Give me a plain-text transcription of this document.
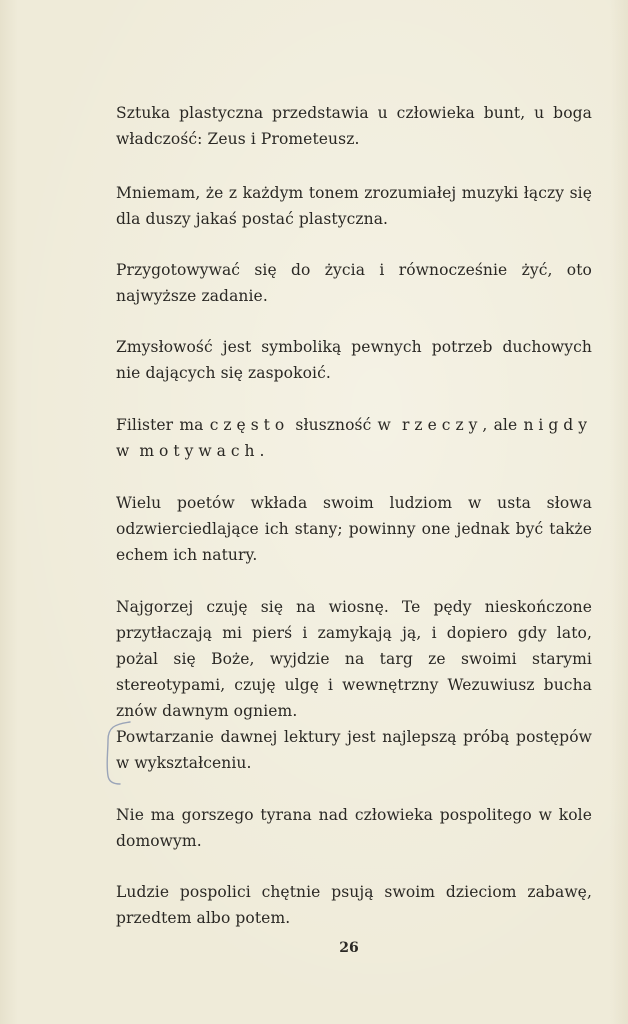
Sztuka plastyczna przedstawia u człowieka bunt, u boga władczość: Zeus i Prometeusz.

Mniemam, że z każdym tonem zrozumiałej muzyki łączy się dla duszy jakaś postać plastyczna.

Przygotowywać się do życia i równocześnie żyć, oto najwyższe zadanie.

Zmysłowość jest symboliką pewnych potrzeb duchowych nie dających się zaspokoić.

Filister ma często słuszność w rzeczy, ale nigdy w motywach.

Wielu poetów wkłada swoim ludziom w usta słowa odzwierciedlające ich stany; powinny one jednak być także echem ich natury.

Najgorzej czuję się na wiosnę. Te pędy nieskończone przytłaczają mi pierś i zamykają ją, i dopiero gdy lato, pożal się Boże, wyjdzie na targ ze swoimi starymi stereotypami, czuję ulgę i wewnętrzny Wezuwiusz bucha znów dawnym ogniem.

Powtarzanie dawnej lektury jest najlepszą próbą postępów w wykształceniu.

Nie ma gorszego tyrana nad człowieka pospolitego w kole domowym.

Ludzie pospolici chętnie psują swoim dzieciom zabawę, przedtem albo potem.

26
